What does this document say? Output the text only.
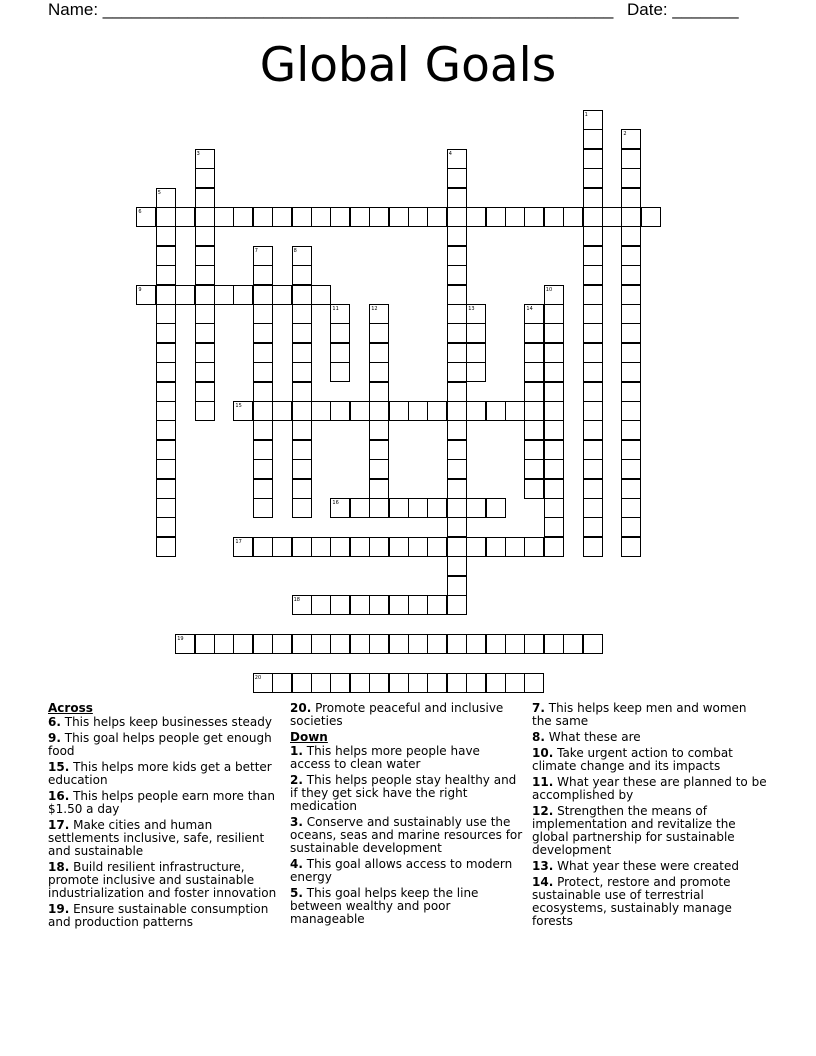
Name: ______________________________________________________ Date: _______
Global Goals
1
2
3	4
5
6
7	8
9	10
11	12	13	14
15
16
17
18
19
20
Across
6. This helps keep businesses steady
9. This goal helps people get enough food
15. This helps more kids get a better education
16. This helps people earn more than $1.50 a day
17. Make cities and human settlements inclusive, safe, resilient and sustainable
18. Build resilient infrastructure, promote inclusive and sustainable industrialization and foster innovation
19. Ensure sustainable consumption and production patterns
20. Promote peaceful and inclusive societies
Down
1. This helps more people have access to clean water
2. This helps people stay healthy and if they get sick have the right medication
3. Conserve and sustainably use the oceans, seas and marine resources for sustainable development
4. This goal allows access to modern energy
5. This goal helps keep the line between wealthy and poor manageable
7. This helps keep men and women the same
8. What these are
10. Take urgent action to combat climate change and its impacts
11. What year these are planned to be accomplished by
12. Strengthen the means of implementation and revitalize the global partnership for sustainable development
13. What year these were created
14. Protect, restore and promote sustainable use of terrestrial ecosystems, sustainably manage forests
